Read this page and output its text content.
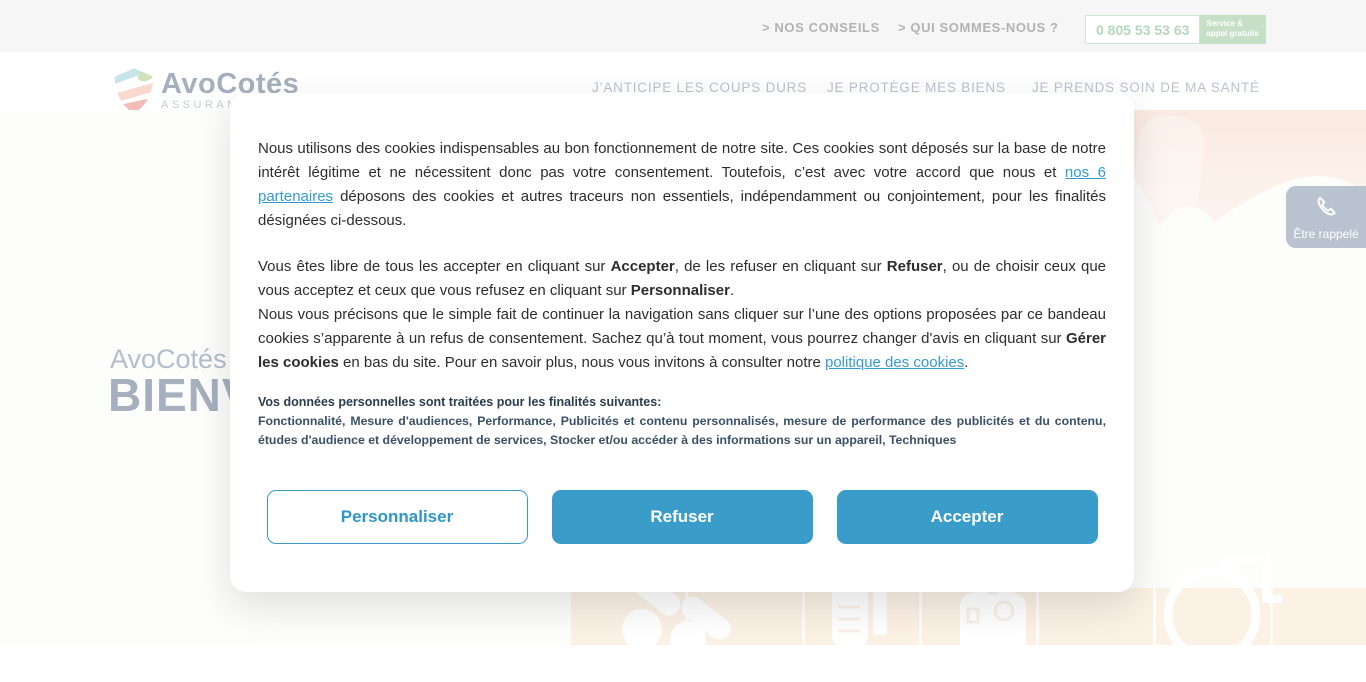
Nous utilisons des cookies indispensables au bon fonctionnement de notre site. Ces cookies sont déposés sur la base de notre intérêt légitime et ne nécessitent donc pas votre consentement. Toutefois, c’est avec votre accord que nous et nos 6 partenaires déposons des cookies et autres traceurs non essentiels, indépendamment ou conjointement, pour les finalités désignées ci-dessous.

Vous êtes libre de tous les accepter en cliquant sur Accepter, de les refuser en cliquant sur Refuser, ou de choisir ceux que vous acceptez et ceux que vous refusez en cliquant sur Personnaliser.

Nous vous précisons que le simple fait de continuer la navigation sans cliquer sur l’une des options proposées par ce bandeau cookies s’apparente à un refus de consentement. Sachez qu’à tout moment, vous pourrez changer d'avis en cliquant sur Gérer les cookies en bas du site. Pour en savoir plus, nous vous invitons à consulter notre politique des cookies.

Vos données personnelles sont traitées pour les finalités suivantes:
Fonctionnalité, Mesure d'audiences, Performance, Publicités et contenu personnalisés, mesure de performance des publicités et du contenu, études d'audience et développement de services, Stocker et/ou accéder à des informations sur un appareil, Techniques
Personnaliser	Refuser	Accepter
